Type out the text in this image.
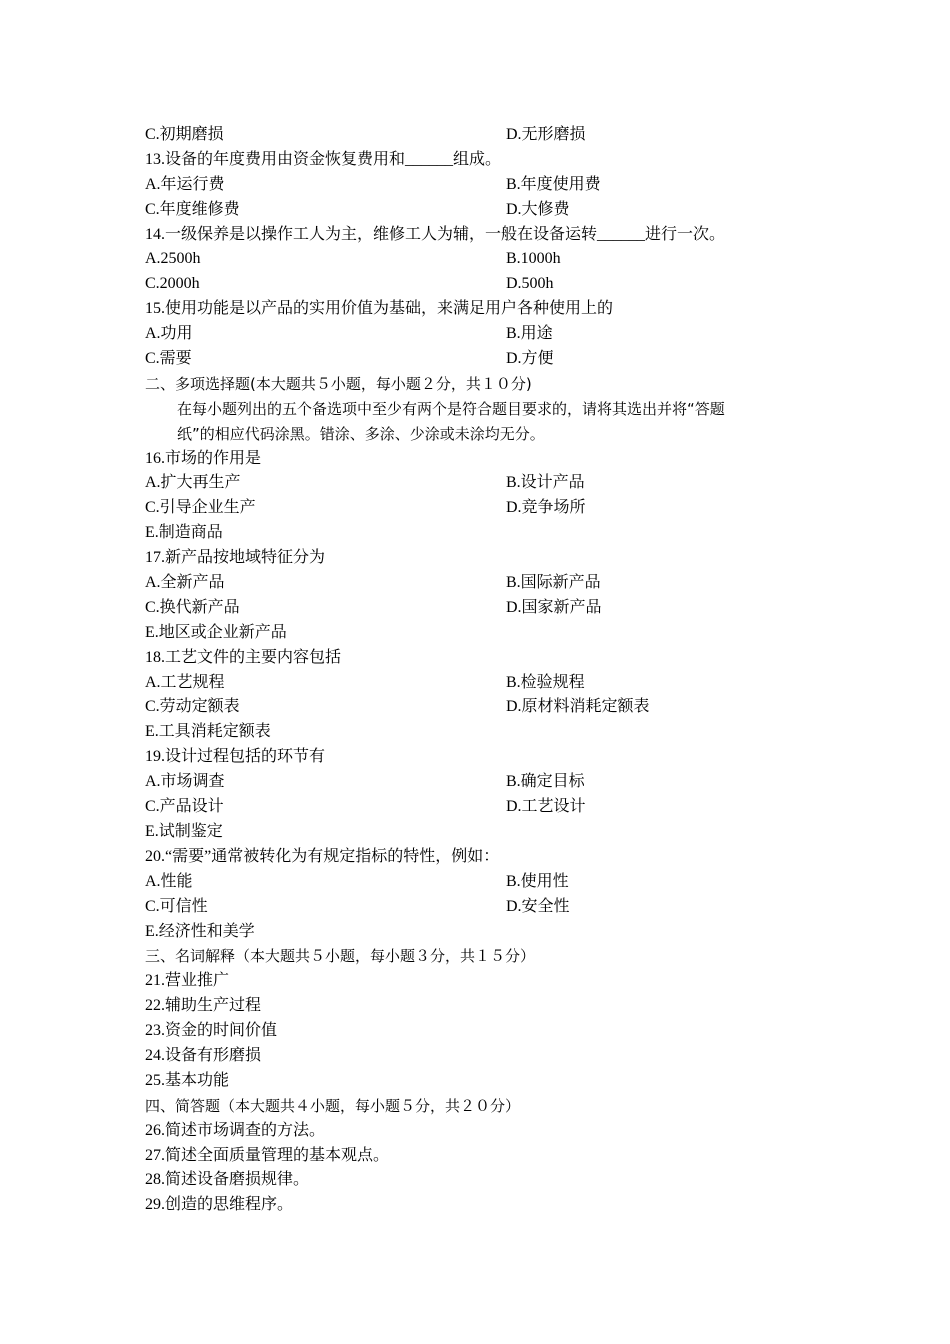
C.初期磨损	D.无形磨损
13.设备的年度费用由资金恢复费用和______组成。
A.年运行费	B.年度使用费
C.年度维修费	D.大修费
14.一级保养是以操作工人为主，维修工人为辅，一般在设备运转______进行一次。
A.2500h	B.1000h
C.2000h	D.500h
15.使用功能是以产品的实用价值为基础，来满足用户各种使用上的
A.功用	B.用途
C.需要	D.方便
二、多项选择题(本大题共５小题，每小题２分，共１０分)
在每小题列出的五个备选项中至少有两个是符合题目要求的，请将其选出并将“答题
纸”的相应代码涂黑。错涂、多涂、少涂或未涂均无分。
16.市场的作用是
A.扩大再生产	B.设计产品
C.引导企业生产	D.竞争场所
E.制造商品
17.新产品按地域特征分为
A.全新产品	B.国际新产品
C.换代新产品	D.国家新产品
E.地区或企业新产品
18.工艺文件的主要内容包括
A.工艺规程	B.检验规程
C.劳动定额表	D.原材料消耗定额表
E.工具消耗定额表
19.设计过程包括的环节有
A.市场调查	B.确定目标
C.产品设计	D.工艺设计
E.试制鉴定
20.“需要”通常被转化为有规定指标的特性，例如：
A.性能	B.使用性
C.可信性	D.安全性
E.经济性和美学
三、名词解释（本大题共５小题，每小题３分，共１５分）
21.营业推广
22.辅助生产过程
23.资金的时间价值
24.设备有形磨损
25.基本功能
四、简答题（本大题共４小题，每小题５分，共２０分）
26.简述市场调查的方法。
27.简述全面质量管理的基本观点。
28.简述设备磨损规律。
29.创造的思维程序。
